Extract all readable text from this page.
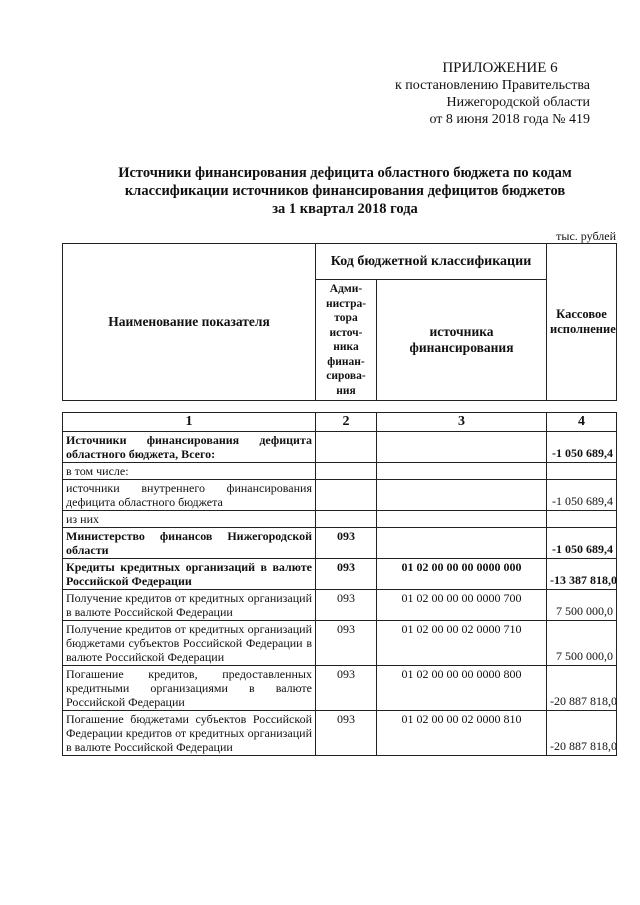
ПРИЛОЖЕНИЕ 6
к постановлению Правительства
Нижегородской области
от 8 июня 2018 года № 419
Источники финансирования дефицита областного бюджета по кодам
классификации источников финансирования дефицитов бюджетов
за 1 квартал 2018 года
тыс. рублей
Наименование показателя	Код бюджетной классификации		Кассовое исполнение
	Адми-нистра-тора источ-ника финан-сирова-ния	источника финансирования	
1	2	3	4
Источники финансирования дефицита областного бюджета, Всего:			-1 050 689,4
в том числе:			
источники внутреннего финансирования дефицита областного бюджета			-1 050 689,4
из них			
Министерство финансов Нижегородской области	093		-1 050 689,4
Кредиты кредитных организаций в валюте Российской Федерации	093	01 02 00 00 00 0000 000	-13 387 818,0
Получение кредитов от кредитных организаций в валюте Российской Федерации	093	01 02 00 00 00 0000 700	7 500 000,0
Получение кредитов от кредитных организаций бюджетами субъектов Российской Федерации в валюте Российской Федерации	093	01 02 00 00 02 0000 710	7 500 000,0
Погашение кредитов, предоставленных кредитными организациями в валюте Российской Федерации	093	01 02 00 00 00 0000 800	-20 887 818,0
Погашение бюджетами субъектов Российской Федерации кредитов от кредитных организаций в валюте Российской Федерации	093	01 02 00 00 02 0000 810	-20 887 818,0
